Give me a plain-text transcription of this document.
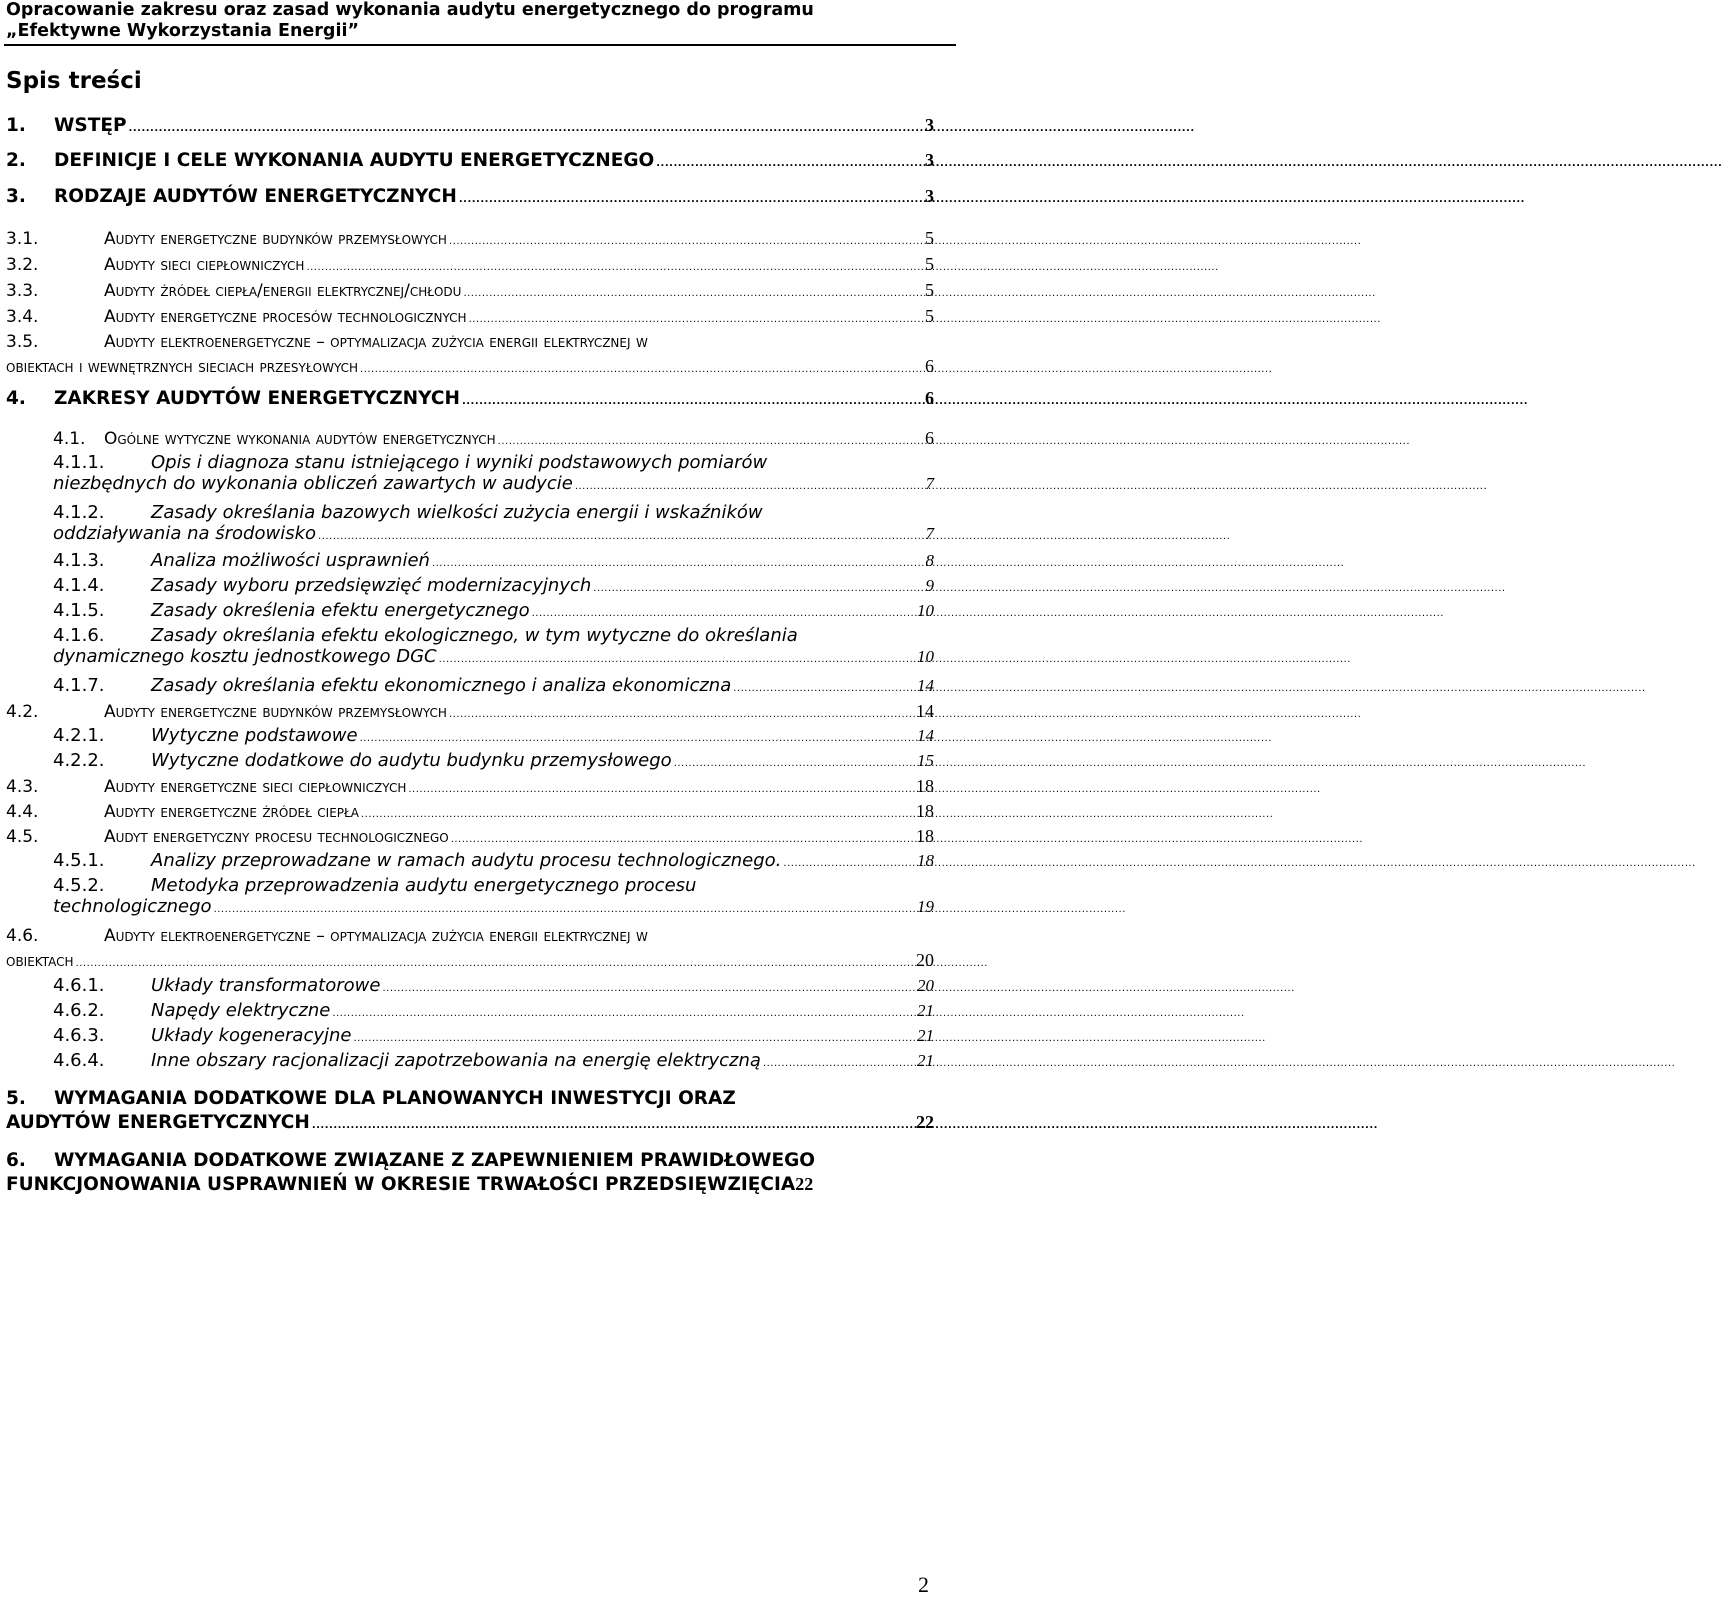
Opracowanie zakresu oraz zasad wykonania audytu energetycznego do programu
„Efektywne Wykorzystania Energii”
Spis treści
1.	WSTĘP .....	3
2.	DEFINICJE I CELE WYKONANIA AUDYTU ENERGETYCZNEGO .....	3
3.	RODZAJE AUDYTÓW ENERGETYCZNYCH .....	3
3.1.	Audyty energetyczne budynków przemysłowych .....	5
3.2.	Audyty sieci ciepłowniczych .....	5
3.3.	Audyty źródeł ciepła/energii elektrycznej/chłodu .....	5
3.4.	Audyty energetyczne procesów technologicznych .....	5
3.5.	Audyty elektroenergetyczne – optymalizacja zużycia energii elektrycznej w
obiektach i wewnętrznych sieciach przesyłowych .....	6
4.	ZAKRESY AUDYTÓW ENERGETYCZNYCH .....	6
4.1.	Ogólne wytyczne wykonania audytów energetycznych .....	6
4.1.1.	Opis i diagnoza stanu istniejącego i wyniki podstawowych pomiarów
niezbędnych do wykonania obliczeń zawartych w audycie .....	7
4.1.2.	Zasady określania bazowych wielkości zużycia energii i wskaźników
oddziaływania na środowisko .....	7
4.1.3.	Analiza możliwości usprawnień .....	8
4.1.4.	Zasady wyboru przedsięwzięć modernizacyjnych .....	9
4.1.5.	Zasady określenia efektu energetycznego .....	10
4.1.6.	Zasady określania efektu ekologicznego, w tym wytyczne do określania
dynamicznego kosztu jednostkowego DGC .....	10
4.1.7.	Zasady określania efektu ekonomicznego i analiza ekonomiczna .....	14
4.2.	Audyty energetyczne budynków przemysłowych .....	14
4.2.1.	Wytyczne podstawowe .....	14
4.2.2.	Wytyczne dodatkowe do audytu budynku przemysłowego .....	15
4.3.	Audyty energetyczne sieci ciepłowniczych .....	18
4.4.	Audyty energetyczne źródeł ciepła .....	18
4.5.	Audyt energetyczny procesu technologicznego .....	18
4.5.1.	Analizy przeprowadzane w ramach audytu procesu technologicznego. .....	18
4.5.2.	Metodyka przeprowadzenia audytu energetycznego procesu
technologicznego .....	19
4.6.	Audyty elektroenergetyczne – optymalizacja zużycia energii elektrycznej w
obiektach .....	20
4.6.1.	Układy transformatorowe .....	20
4.6.2.	Napędy elektryczne .....	21
4.6.3.	Układy kogeneracyjne .....	21
4.6.4.	Inne obszary racjonalizacji zapotrzebowania na energię elektryczną .....	21
5.	WYMAGANIA DODATKOWE DLA PLANOWANYCH INWESTYCJI ORAZ
AUDYTÓW ENERGETYCZNYCH .....	22
6.	WYMAGANIA DODATKOWE ZWIĄZANE Z ZAPEWNIENIEM PRAWIDŁOWEGO
FUNKCJONOWANIA USPRAWNIEŃ W OKRESIE TRWAŁOŚCI PRZEDSIĘWZIĘCIA 22
2
